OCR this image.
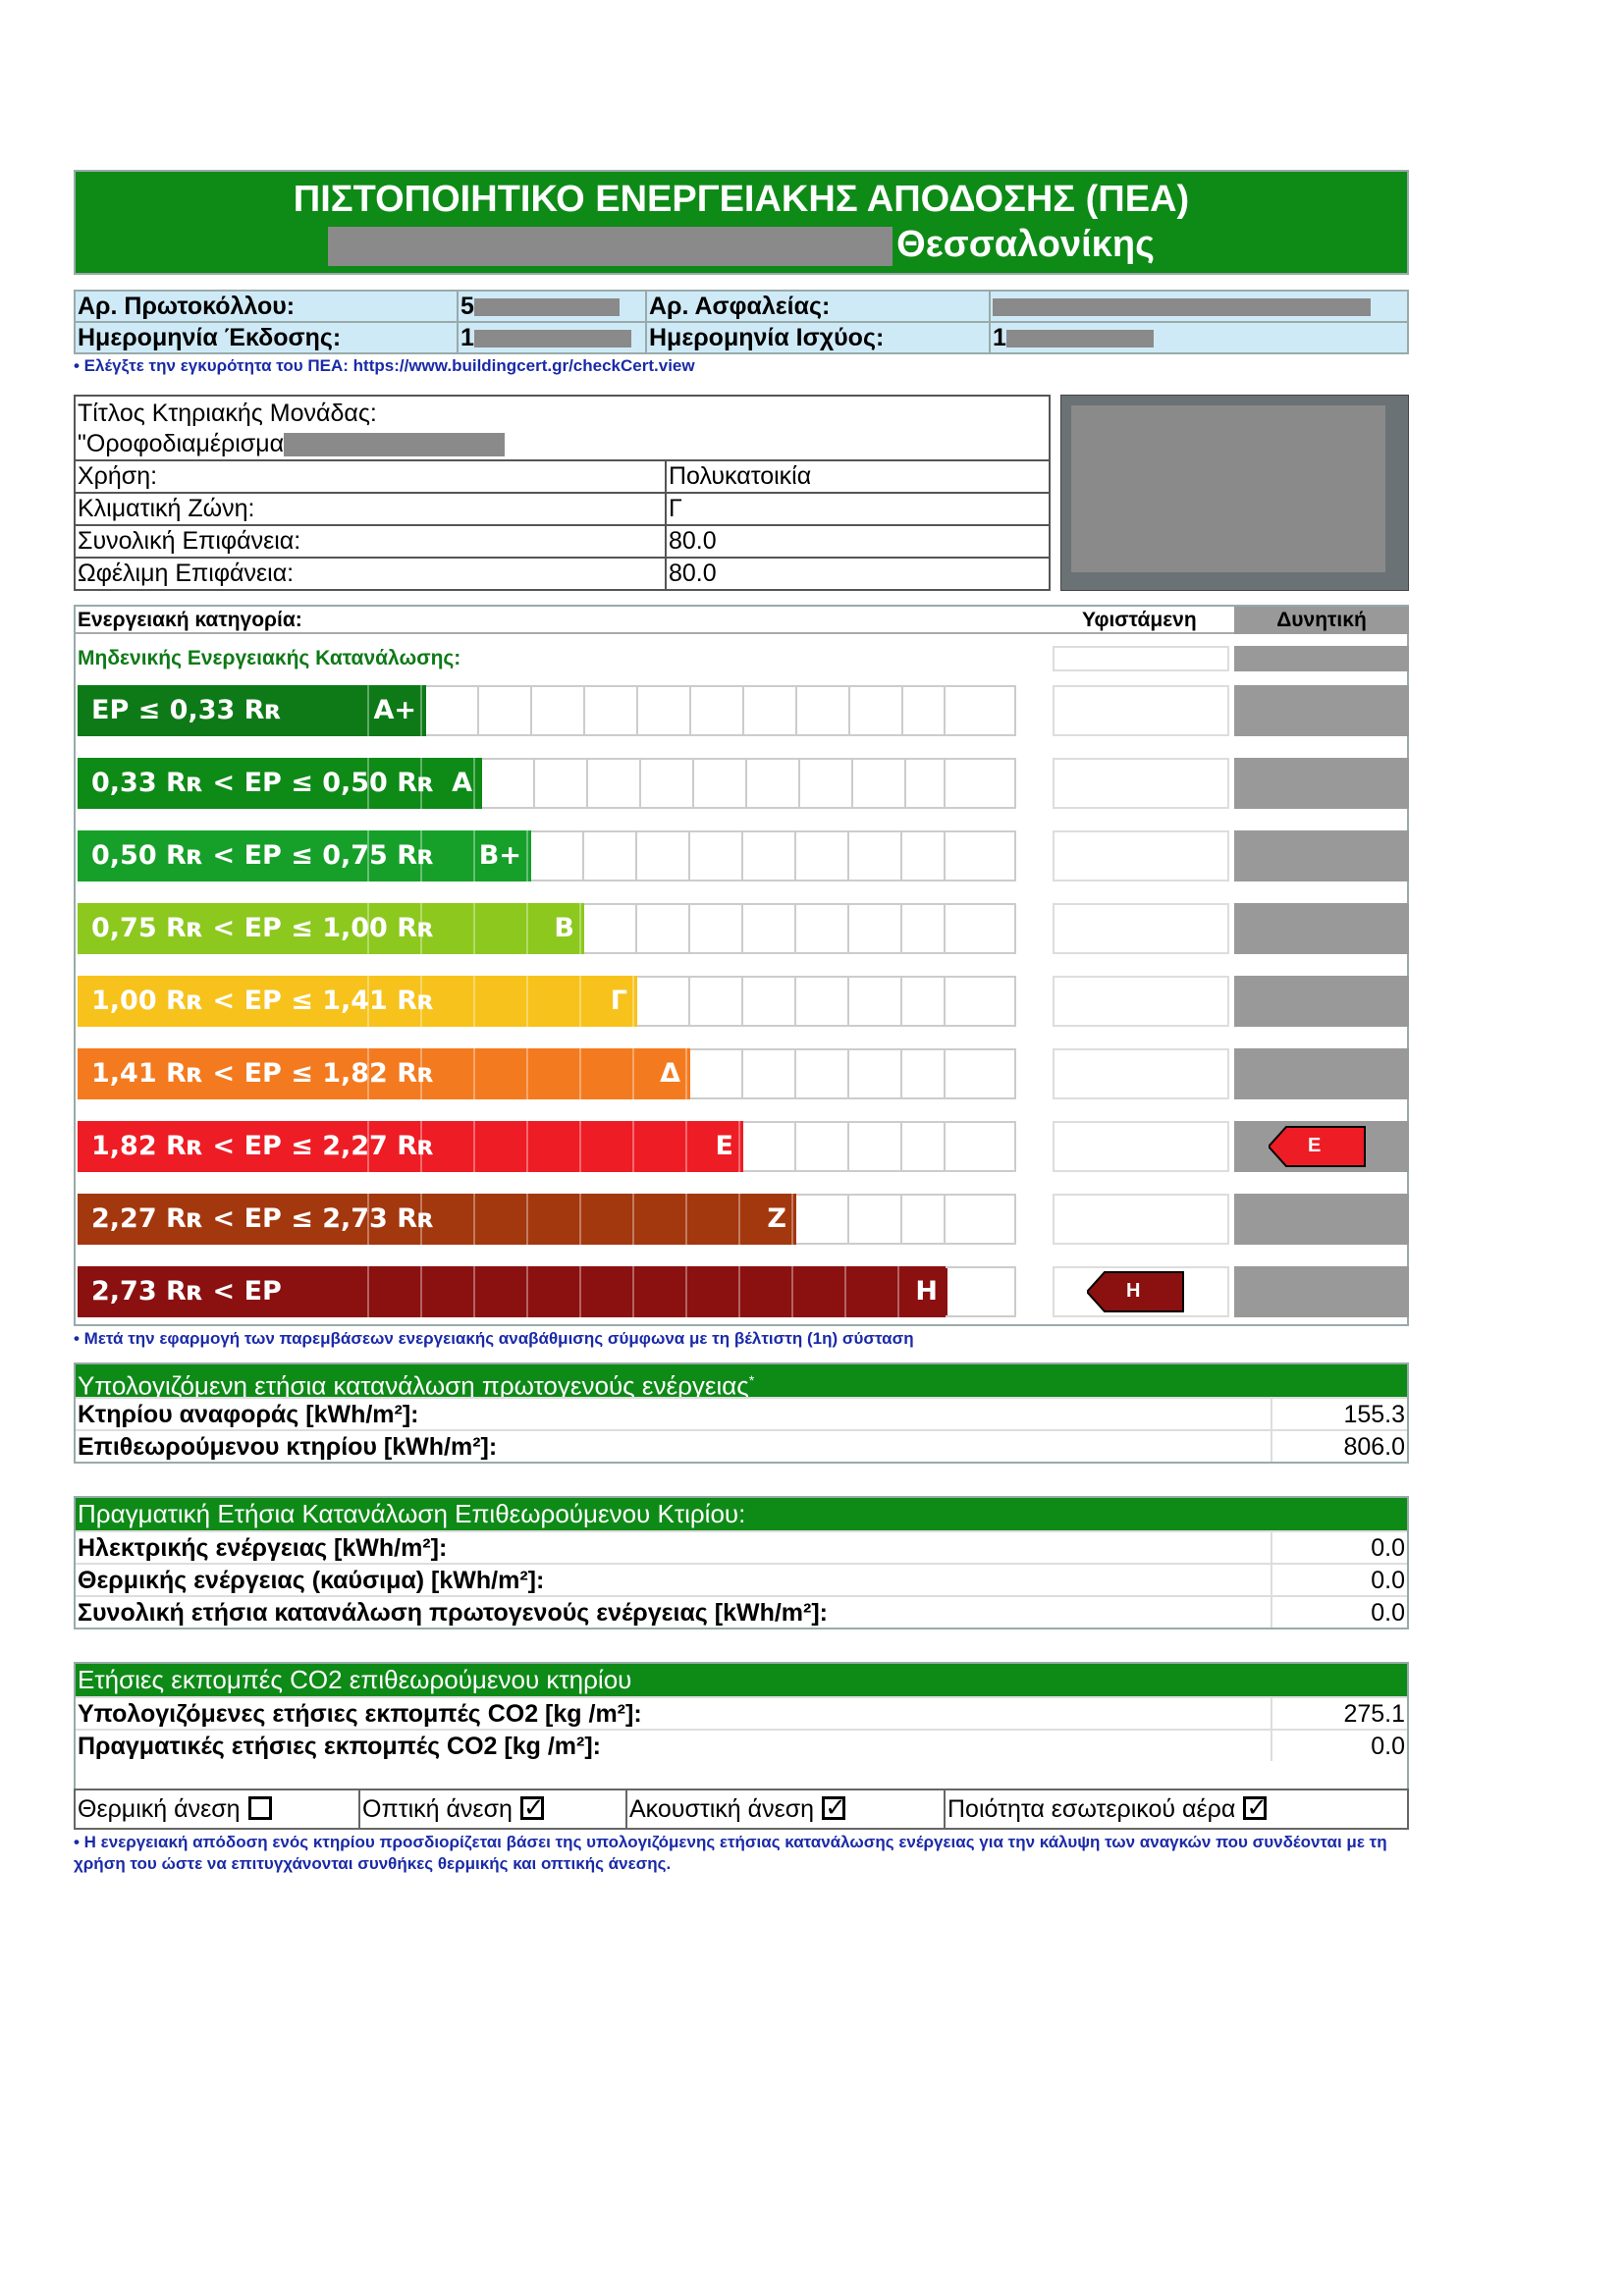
ΠΙΣΤΟΠΟΙΗΤΙΚΟ ΕΝΕΡΓΕΙΑΚΗΣ ΑΠΟΔΟΣΗΣ (ΠΕΑ)
Θεσσαλονίκης
Αρ. Πρωτοκόλλου:	5	Αρ. Ασφαλείας:	
Ημερομηνία Έκδοσης:	1	Ημερομηνία Ισχύος:	1
• Ελέγξτε την εγκυρότητα του ΠΕΑ: https://www.buildingcert.gr/checkCert.view
Τίτλος Κτηριακής Μονάδας:
"Οροφοδιαμέρισμα	

Χρήση:	Πολυκατοικία
Κλιματική Ζώνη:	Γ
Συνολική Επιφάνεια:	80.0
Ωφέλιμη Επιφάνεια:	80.0
Ενεργειακή κατηγορία:	Υφιστάμενη	Δυνητική
Μηδενικής Ενεργειακής Κατανάλωσης:
EP ≤ 0,33 Rʀ	A+
0,33 Rʀ < EP ≤ 0,50 Rʀ A
0,50 Rʀ < EP ≤ 0,75 Rʀ B+
0,75 Rʀ < EP ≤ 1,00 Rʀ	B
1,00 Rʀ < EP ≤ 1,41 Rʀ	Γ
1,41 Rʀ < EP ≤ 1,82 Rʀ	Δ
1,82 Rʀ < EP ≤ 2,27 Rʀ	E	E
2,27 Rʀ < EP ≤ 2,73 Rʀ	Z
2,73 Rʀ < EP	H	H
• Μετά την εφαρμογή των παρεμβάσεων ενεργειακής αναβάθμισης σύμφωνα με τη βέλτιστη (1η) σύσταση
Υπολογιζόμενη ετήσια κατανάλωση πρωτογενούς ενέργειας*
Κτηρίου αναφοράς [kWh/m²]:	155.3
Επιθεωρούμενου κτηρίου [kWh/m²]:	806.0
Πραγματική Ετήσια Κατανάλωση Επιθεωρούμενου Κτιρίου:
Ηλεκτρικής ενέργειας [kWh/m²]:	0.0
Θερμικής ενέργειας (καύσιμα) [kWh/m²]:	0.0
Συνολική ετήσια κατανάλωση πρωτογενούς ενέργειας [kWh/m²]:	0.0
Ετήσιες εκπομπές CO2 επιθεωρούμενου κτηρίου
Υπολογιζόμενες ετήσιες εκπομπές CO2 [kg /m²]:	275.1
Πραγματικές ετήσιες εκπομπές CO2 [kg /m²]:	0.0
Θερμική άνεση	Οπτική άνεση ✓	Ακουστική άνεση ✓	Ποιότητα εσωτερικού αέρα✓
• Η ενεργειακή απόδοση ενός κτηρίου προσδιορίζεται βάσει της υπολογιζόμενης ετήσιας κατανάλωσης ενέργειας για την κάλυψη των αναγκών που συνδέονται με τη χρήση του ώστε να επιτυγχάνονται συνθήκες θερμικής και οπτικής άνεσης.
